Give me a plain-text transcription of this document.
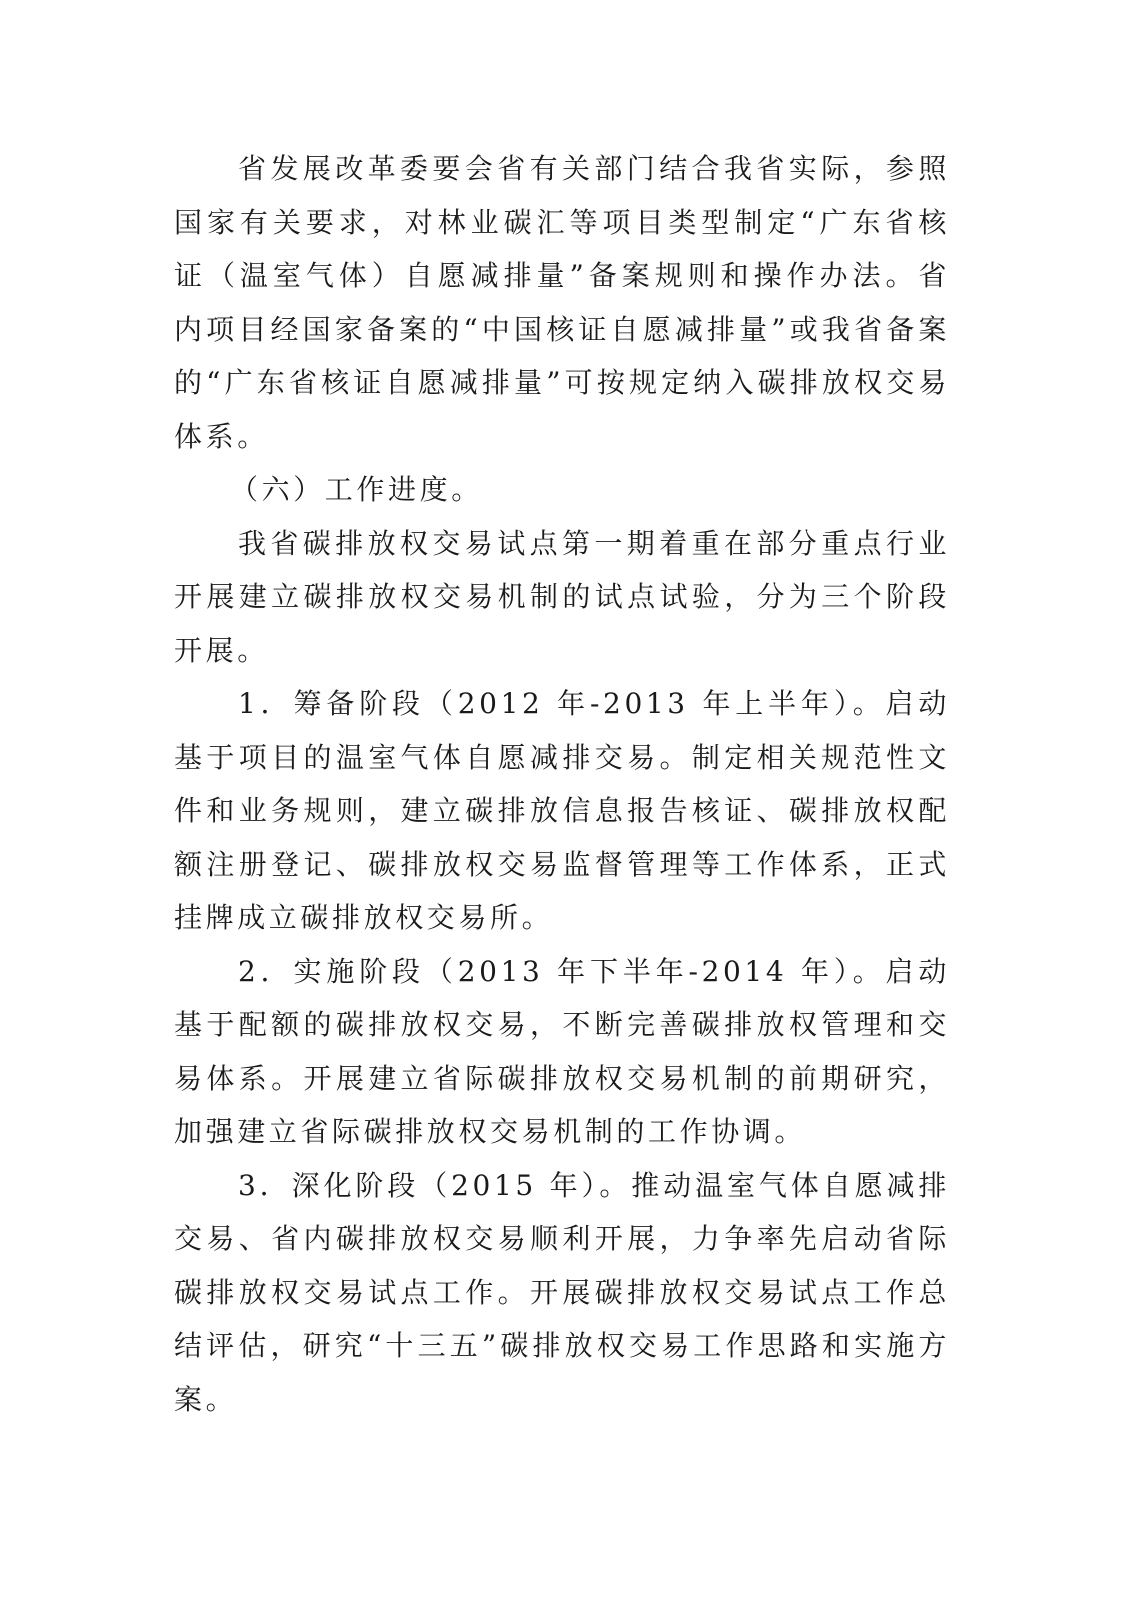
省发展改革委要会省有关部门结合我省实际，参照国家有关要求，对林业碳汇等项目类型制定“广东省核证（温室气体）自愿减排量”备案规则和操作办法。省内项目经国家备案的“中国核证自愿减排量”或我省备案的“广东省核证自愿减排量”可按规定纳入碳排放权交易体系。

（六）工作进度。

我省碳排放权交易试点第一期着重在部分重点行业开展建立碳排放权交易机制的试点试验，分为三个阶段开展。

1．筹备阶段（2012 年-2013 年上半年）。启动基于项目的温室气体自愿减排交易。制定相关规范性文件和业务规则，建立碳排放信息报告核证、碳排放权配额注册登记、碳排放权交易监督管理等工作体系，正式挂牌成立碳排放权交易所。

2．实施阶段（2013 年下半年-2014 年）。启动基于配额的碳排放权交易，不断完善碳排放权管理和交易体系。开展建立省际碳排放权交易机制的前期研究，加强建立省际碳排放权交易机制的工作协调。

3．深化阶段（2015 年）。推动温室气体自愿减排交易、省内碳排放权交易顺利开展，力争率先启动省际碳排放权交易试点工作。开展碳排放权交易试点工作总结评估，研究“十三五”碳排放权交易工作思路和实施方案。
